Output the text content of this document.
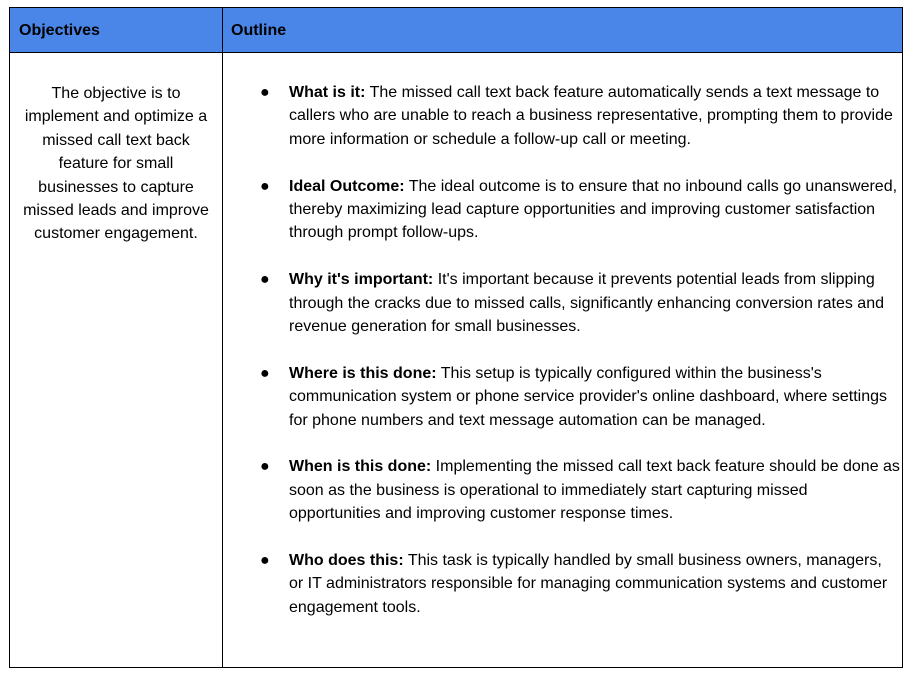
Objectives	Outline
The objective is to implement and optimize a missed call text back feature for small businesses to capture missed leads and improve customer engagement.
● What is it: The missed call text back feature automatically sends a text message to callers who are unable to reach a business representative, prompting them to provide more information or schedule a follow-up call or meeting.
● Ideal Outcome: The ideal outcome is to ensure that no inbound calls go unanswered, thereby maximizing lead capture opportunities and improving customer satisfaction through prompt follow-ups.
● Why it's important: It's important because it prevents potential leads from slipping through the cracks due to missed calls, significantly enhancing conversion rates and revenue generation for small businesses.
● Where is this done: This setup is typically configured within the business's communication system or phone service provider's online dashboard, where settings for phone numbers and text message automation can be managed.
● When is this done: Implementing the missed call text back feature should be done as soon as the business is operational to immediately start capturing missed opportunities and improving customer response times.
● Who does this: This task is typically handled by small business owners, managers, or IT administrators responsible for managing communication systems and customer engagement tools.
